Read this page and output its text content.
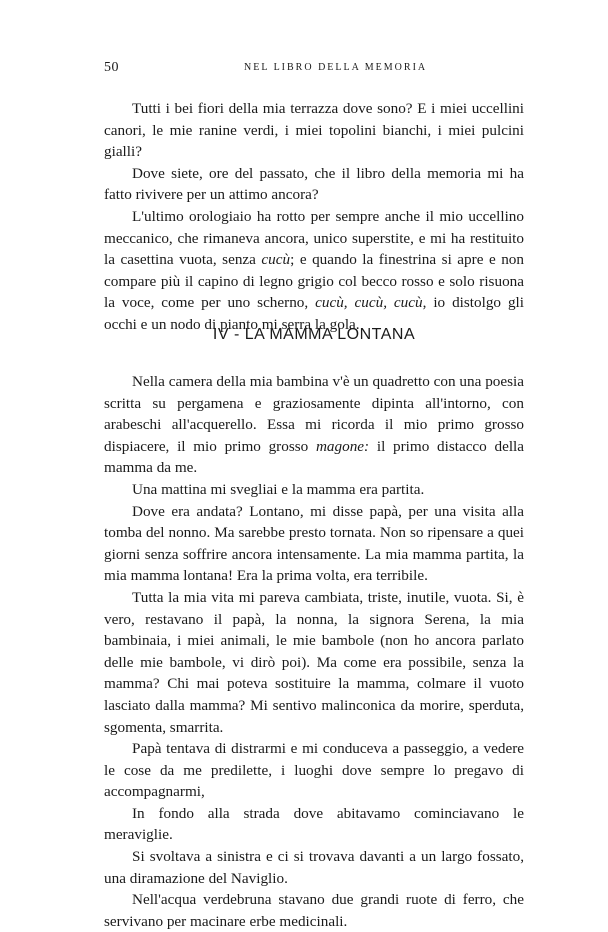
50	NEL LIBRO DELLA MEMORIA

Tutti i bei fiori della mia terrazza dove sono? E i miei uccellini canori, le mie ranine verdi, i miei topolini bianchi, i miei pulcini gialli?

Dove siete, ore del passato, che il libro della memoria mi ha fatto rivivere per un attimo ancora?

L'ultimo orologiaio ha rotto per sempre anche il mio uccellino meccanico, che rimaneva ancora, unico superstite, e mi ha restituito la casettina vuota, senza cucù; e quando la finestrina si apre e non compare più il capino di legno grigio col becco rosso e solo risuona la voce, come per uno scherno, cucù, cucù, cucù, io distolgo gli occhi e un nodo di pianto mi serra la gola.

IV - LA MAMMA LONTANA

Nella camera della mia bambina v'è un quadretto con una poesia scritta su pergamena e graziosamente dipinta all'intorno, con arabeschi all'acquerello. Essa mi ricorda il mio primo grosso dispiacere, il mio primo grosso magone: il primo distacco della mamma da me.

Una mattina mi svegliai e la mamma era partita.

Dove era andata? Lontano, mi disse papà, per una visita alla tomba del nonno. Ma sarebbe presto tornata. Non so ripensare a quei giorni senza soffrire ancora intensamente. La mia mamma partita, la mia mamma lontana! Era la prima volta, era terribile.

Tutta la mia vita mi pareva cambiata, triste, inutile, vuota. Si, è vero, restavano il papà, la nonna, la signora Serena, la mia bambinaia, i miei animali, le mie bambole (non ho ancora parlato delle mie bambole, vi dirò poi). Ma come era possibile, senza la mamma? Chi mai poteva sostituire la mamma, colmare il vuoto lasciato dalla mamma? Mi sentivo malinconica da morire, sperduta, sgomenta, smarrita.

Papà tentava di distrarmi e mi conduceva a passeggio, a vedere le cose da me predilette, i luoghi dove sempre lo pregavo di accompagnarmi,

In fondo alla strada dove abitavamo cominciavano le meraviglie.

Si svoltava a sinistra e ci si trovava davanti a un largo fossato, una diramazione del Naviglio.

Nell'acqua verdebruna stavano due grandi ruote di ferro, che servivano per macinare erbe medicinali.
